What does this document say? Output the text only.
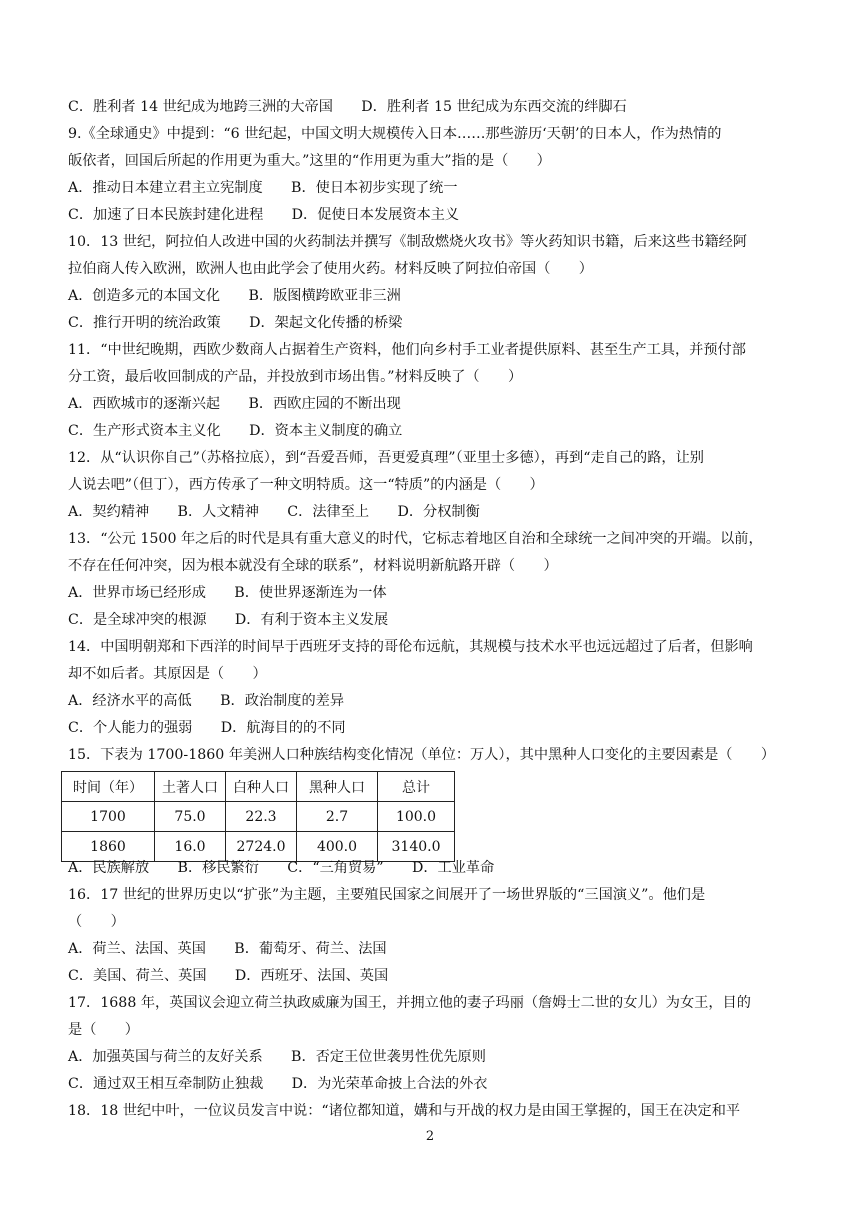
C．胜利者 14 世纪成为地跨三洲的大帝国　　D．胜利者 15 世纪成为东西交流的绊脚石
9.《全球通史》中提到：“6 世纪起，中国文明大规模传入日本……那些游历‘天朝’的日本人，作为热情的
皈依者，回国后所起的作用更为重大。”这里的“作用更为重大”指的是（　　）
A．推动日本建立君主立宪制度　　B．使日本初步实现了统一
C．加速了日本民族封建化进程　　D．促使日本发展资本主义
10．13 世纪，阿拉伯人改进中国的火药制法并撰写《制敌燃烧火攻书》等火药知识书籍，后来这些书籍经阿
拉伯商人传入欧洲，欧洲人也由此学会了使用火药。材料反映了阿拉伯帝国（　　）
A．创造多元的本国文化　　B．版图横跨欧亚非三洲
C．推行开明的统治政策　　D．架起文化传播的桥梁
11．“中世纪晚期，西欧少数商人占据着生产资料，他们向乡村手工业者提供原料、甚至生产工具，并预付部
分工资，最后收回制成的产品，并投放到市场出售。”材料反映了（　　）
A．西欧城市的逐渐兴起　　B．西欧庄园的不断出现
C．生产形式资本主义化　　D．资本主义制度的确立
12．从“认识你自己”（苏格拉底），到“吾爱吾师，吾更爱真理”（亚里士多德），再到“走自己的路，让别
人说去吧”（但丁），西方传承了一种文明特质。这一“特质”的内涵是（　　）
A．契约精神　　B．人文精神　　C．法律至上　　D．分权制衡
13．“公元 1500 年之后的时代是具有重大意义的时代，它标志着地区自治和全球统一之间冲突的开端。以前，
不存在任何冲突，因为根本就没有全球的联系”，材料说明新航路开辟（　　）
A．世界市场已经形成　　B．使世界逐渐连为一体
C．是全球冲突的根源　　D．有利于资本主义发展
14．中国明朝郑和下西洋的时间早于西班牙支持的哥伦布远航，其规模与技术水平也远远超过了后者，但影响
却不如后者。其原因是（　　）
A．经济水平的高低　　B．政治制度的差异
C．个人能力的强弱　　D．航海目的的不同
15．下表为 1700-1860 年美洲人口种族结构变化情况（单位：万人），其中黑种人口变化的主要因素是（　　）
时间（年）	土著人口	白种人口	黑种人口	总计
1700	75.0	22.3	2.7	100.0
1860	16.0	2724.0	400.0	3140.0
A．民族解放　　B．移民繁衍　　C．“三角贸易”　　D．工业革命
16．17 世纪的世界历史以“扩张”为主题，主要殖民国家之间展开了一场世界版的“三国演义”。他们是
（　　）
A．荷兰、法国、英国　　B．葡萄牙、荷兰、法国
C．美国、荷兰、英国　　D．西班牙、法国、英国
17．1688 年，英国议会迎立荷兰执政威廉为国王，并拥立他的妻子玛丽（詹姆士二世的女儿）为女王，目的
是（　　）
A．加强英国与荷兰的友好关系　　B．否定王位世袭男性优先原则
C．通过双王相互牵制防止独裁　　D．为光荣革命披上合法的外衣
18．18 世纪中叶，一位议员发言中说：“诸位都知道，媾和与开战的权力是由国王掌握的，国王在决定和平
2
